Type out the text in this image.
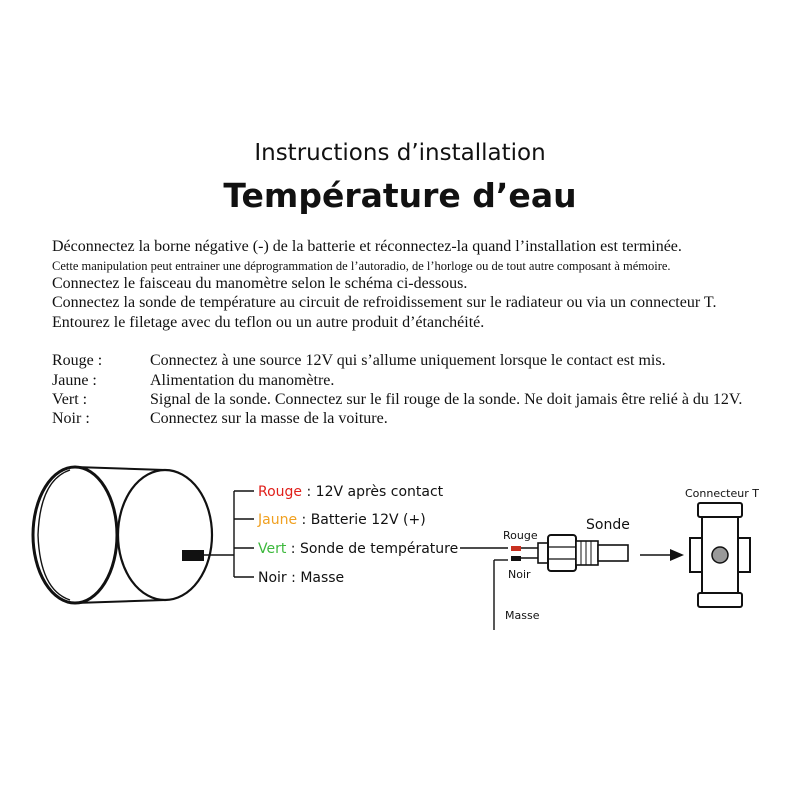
Instructions d’installation
Température d’eau
Déconnectez la borne négative (-) de la batterie et réconnectez-la quand l’installation est terminée.
Cette manipulation peut entrainer une déprogrammation de l’autoradio, de l’horloge ou de tout autre composant à mémoire.
Connectez le faisceau du manomètre selon le schéma ci-dessous.
Connectez la sonde de température au circuit de refroidissement sur le radiateur ou via un connecteur T.
Entourez le filetage avec du teflon ou un autre produit d’étanchéité.
Rouge :	Connectez à une source 12V qui s’allume uniquement lorsque le contact est mis.
Jaune :	Alimentation du manomètre.
Vert :	Signal de la sonde. Connectez sur le fil rouge de la sonde. Ne doit jamais être relié à du 12V.
Noir :	Connectez sur la masse de la voiture.
Rouge : 12V après contact
Jaune : Batterie 12V (+)
Vert : Sonde de température
Noir : Masse
Rouge
Noir
Sonde
Masse
Connecteur T
